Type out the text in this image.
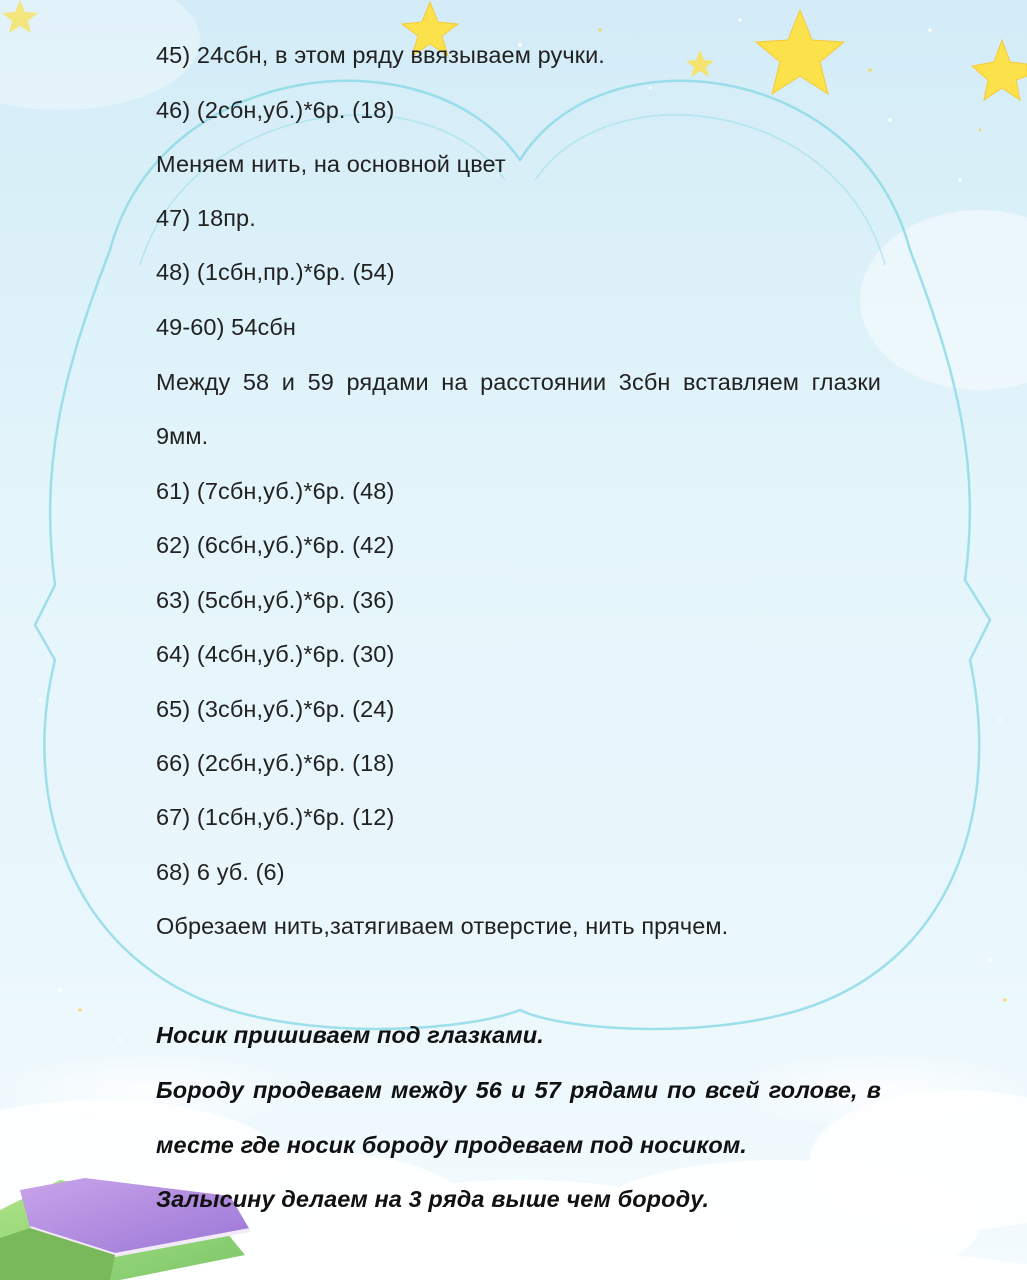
45) 24сбн, в этом ряду ввязываем ручки.
46) (2сбн,уб.)*6р. (18)
Меняем нить, на основной цвет
47) 18пр.
48) (1сбн,пр.)*6р. (54)
49-60) 54сбн
Между 58 и 59 рядами на расстоянии 3сбн вставляем глазки
9мм.
61) (7сбн,уб.)*6р. (48)
62) (6сбн,уб.)*6р. (42)
63) (5сбн,уб.)*6р. (36)
64) (4сбн,уб.)*6р. (30)
65) (3сбн,уб.)*6р. (24)
66) (2сбн,уб.)*6р. (18)
67) (1сбн,уб.)*6р. (12)
68) 6 уб. (6)
Обрезаем нить,затягиваем отверстие, нить прячем.
Носик пришиваем под глазками.
Бороду продеваем между 56 и 57 рядами по всей голове, в
месте где носик бороду продеваем под носиком.
Залысину делаем на 3 ряда выше чем бороду.
